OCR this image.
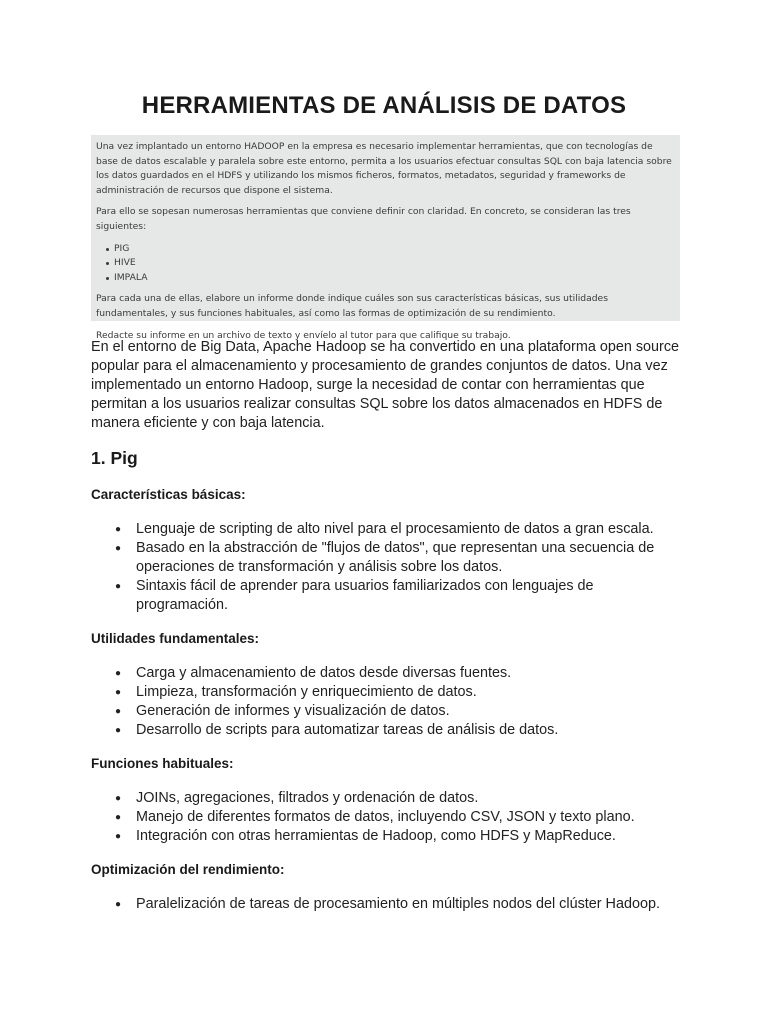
HERRAMIENTAS DE ANÁLISIS DE DATOS

Una vez implantado un entorno HADOOP en la empresa es necesario implementar herramientas, que con tecnologías de base de datos escalable y paralela sobre este entorno, permita a los usuarios efectuar consultas SQL con baja latencia sobre los datos guardados en el HDFS y utilizando los mismos ficheros, formatos, metadatos, seguridad y frameworks de administración de recursos que dispone el sistema.

Para ello se sopesan numerosas herramientas que conviene definir con claridad. En concreto, se consideran las tres siguientes:

PIG
HIVE
IMPALA

Para cada una de ellas, elabore un informe donde indique cuáles son sus características básicas, sus utilidades fundamentales, y sus funciones habituales, así como las formas de optimización de su rendimiento.

Redacte su informe en un archivo de texto y envíelo al tutor para que califique su trabajo.

En el entorno de Big Data, Apache Hadoop se ha convertido en una plataforma open source popular para el almacenamiento y procesamiento de grandes conjuntos de datos. Una vez implementado un entorno Hadoop, surge la necesidad de contar con herramientas que permitan a los usuarios realizar consultas SQL sobre los datos almacenados en HDFS de manera eficiente y con baja latencia.

1. Pig
Características básicas:
● Lenguaje de scripting de alto nivel para el procesamiento de datos a gran escala.
● Basado en la abstracción de "flujos de datos", que representan una secuencia de operaciones de transformación y análisis sobre los datos.
● Sintaxis fácil de aprender para usuarios familiarizados con lenguajes de programación.
Utilidades fundamentales:
● Carga y almacenamiento de datos desde diversas fuentes.
● Limpieza, transformación y enriquecimiento de datos.
● Generación de informes y visualización de datos.
● Desarrollo de scripts para automatizar tareas de análisis de datos.
Funciones habituales:
● JOINs, agregaciones, filtrados y ordenación de datos.
● Manejo de diferentes formatos de datos, incluyendo CSV, JSON y texto plano.
● Integración con otras herramientas de Hadoop, como HDFS y MapReduce.
Optimización del rendimiento:
● Paralelización de tareas de procesamiento en múltiples nodos del clúster Hadoop.
